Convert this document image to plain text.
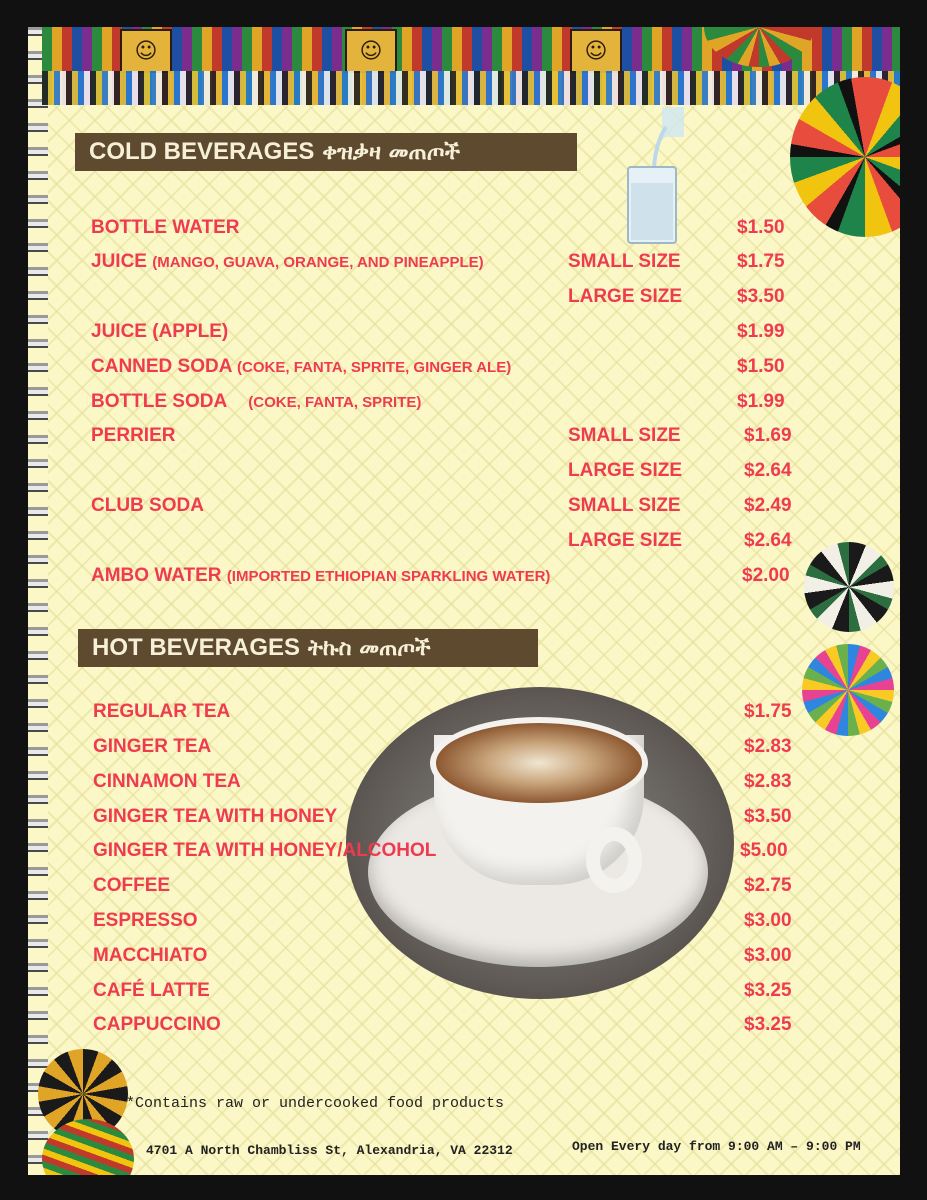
☺	☺	☺
COLD BEVERAGES ቀዝቃዛ መጠጦች
BOTTLE WATER	$1.50
JUICE (MANGO, GUAVA, ORANGE, AND PINEAPPLE)	SMALL SIZE	$1.75
LARGE SIZE	$3.50
JUICE (APPLE)	$1.99
CANNED SODA (COKE, FANTA, SPRITE, GINGER ALE)	$1.50
BOTTLE SODA (COKE, FANTA, SPRITE)	$1.99
PERRIER	SMALL SIZE	$1.69
LARGE SIZE	$2.64
CLUB SODA	SMALL SIZE	$2.49
LARGE SIZE	$2.64
AMBO WATER (IMPORTED ETHIOPIAN SPARKLING WATER)	$2.00
HOT BEVERAGES ትኩስ መጠጦች
REGULAR TEA	$1.75
GINGER TEA	$2.83
CINNAMON TEA	$2.83
GINGER TEA WITH HONEY	$3.50
GINGER TEA WITH HONEY/ALCOHOL	$5.00
COFFEE	$2.75
ESPRESSO	$3.00
MACCHIATO	$3.00
CAFÉ LATTE	$3.25
CAPPUCCINO	$3.25
*Contains raw or undercooked food products
4701 A North Chambliss St, Alexandria, VA 22312	Open Every day from 9:00 AM – 9:00 PM
